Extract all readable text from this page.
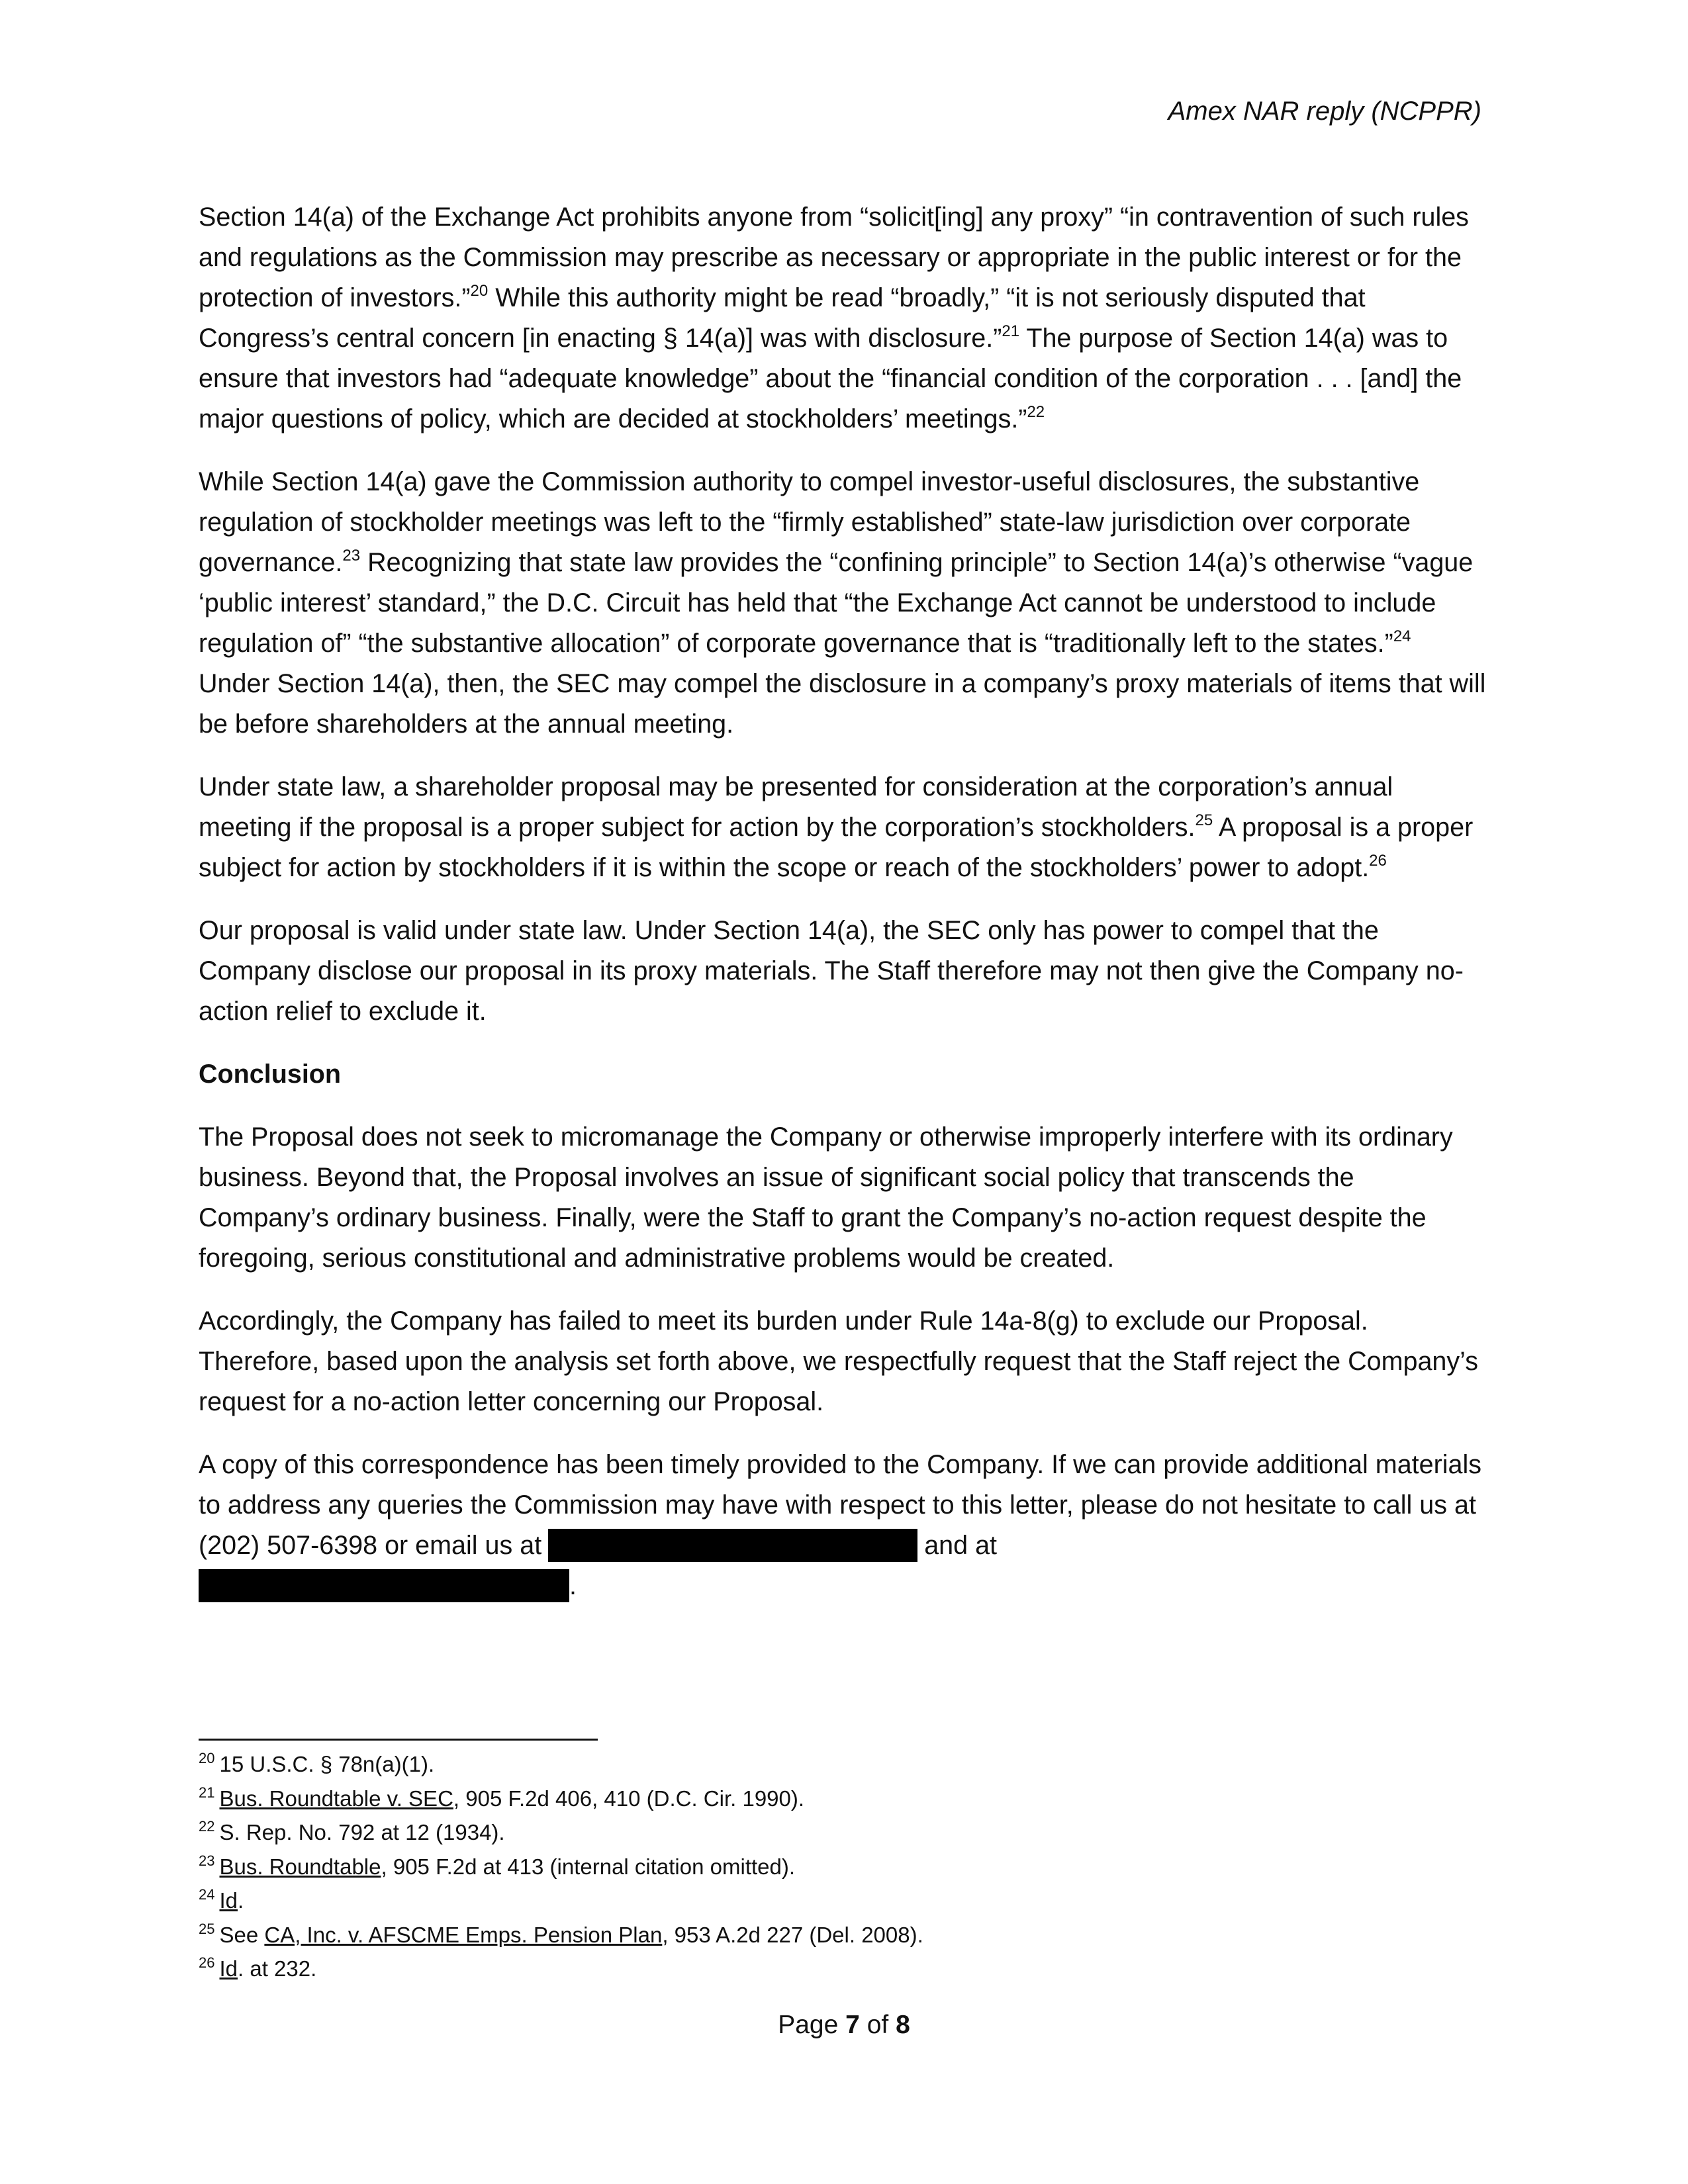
Amex NAR reply (NCPPR)

Section 14(a) of the Exchange Act prohibits anyone from “solicit[ing] any proxy” “in contravention of such rules and regulations as the Commission may prescribe as necessary or appropriate in the public interest or for the protection of investors.”$^{20}$ While this authority might be read “broadly,” “it is not seriously disputed that Congress’s central concern [in enacting § 14(a)] was with disclosure.”$^{21}$ The purpose of Section 14(a) was to ensure that investors had “adequate knowledge” about the “financial condition of the corporation . . . [and] the major questions of policy, which are decided at stockholders’ meetings.”$^{22}$

While Section 14(a) gave the Commission authority to compel investor-useful disclosures, the substantive regulation of stockholder meetings was left to the “firmly established” state-law jurisdiction over corporate governance.$^{23}$ Recognizing that state law provides the “confining principle” to Section 14(a)’s otherwise “vague ‘public interest’ standard,” the D.C. Circuit has held that “the Exchange Act cannot be understood to include regulation of” “the substantive allocation” of corporate governance that is “traditionally left to the states.”$^{24}$ Under Section 14(a), then, the SEC may compel the disclosure in a company’s proxy materials of items that will be before shareholders at the annual meeting.

Under state law, a shareholder proposal may be presented for consideration at the corporation’s annual meeting if the proposal is a proper subject for action by the corporation’s stockholders.$^{25}$ A proposal is a proper subject for action by stockholders if it is within the scope or reach of the stockholders’ power to adopt.$^{26}$

Our proposal is valid under state law. Under Section 14(a), the SEC only has power to compel that the Company disclose our proposal in its proxy materials. The Staff therefore may not then give the Company no-action relief to exclude it.

Conclusion

The Proposal does not seek to micromanage the Company or otherwise improperly interfere with its ordinary business. Beyond that, the Proposal involves an issue of significant social policy that transcends the Company’s ordinary business. Finally, were the Staff to grant the Company’s no-action request despite the foregoing, serious constitutional and administrative problems would be created.

Accordingly, the Company has failed to meet its burden under Rule 14a-8(g) to exclude our Proposal. Therefore, based upon the analysis set forth above, we respectfully request that the Staff reject the Company’s request for a no-action letter concerning our Proposal.

A copy of this correspondence has been timely provided to the Company. If we can provide additional materials to address any queries the Commission may have with respect to this letter, please do not hesitate to call us at (202) 507-6398 or email us at	and at
.

$^{20}$ 15 U.S.C. § 78n(a)(1).
$^{21}$ Bus. Roundtable v. SEC, 905 F.2d 406, 410 (D.C. Cir. 1990).
$^{22}$ S. Rep. No. 792 at 12 (1934).
$^{23}$ Bus. Roundtable, 905 F.2d at 413 (internal citation omitted).
$^{24}$ Id.
$^{25}$ See CA, Inc. v. AFSCME Emps. Pension Plan, 953 A.2d 227 (Del. 2008).
$^{26}$ Id. at 232.
Page 7 of 8
